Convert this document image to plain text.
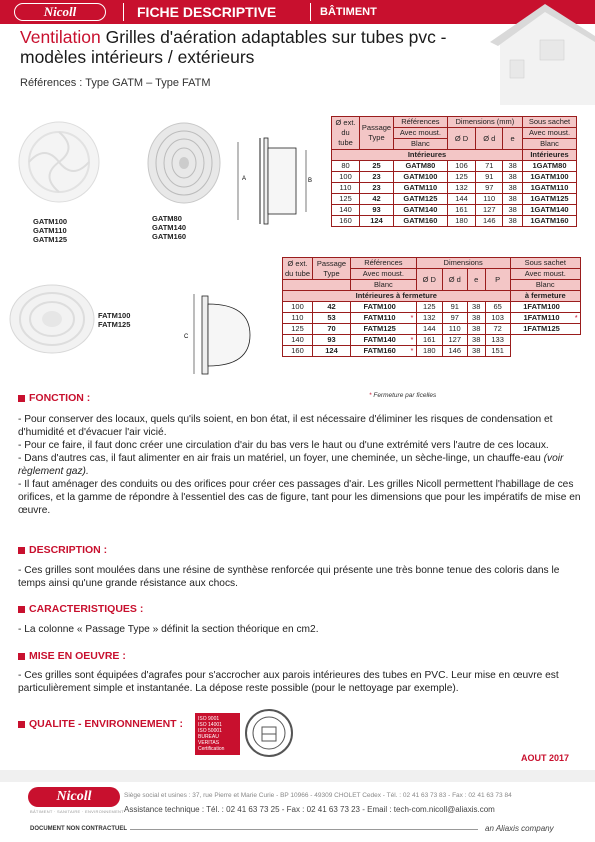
Nicoll	FICHE DESCRIPTIVE	BÂTIMENT
Ventilation Grilles d'aération adaptables sur tubes pvc -
modèles intérieurs / extérieurs
Références : Type GATM – Type FATM
GATM100
GATM110
GATM125
GATM80
GATM140
GATM160
A	B
FATM100
FATM125
C
Ø ext. du tube	Passage Type	Références	Dimensions (mm)			Sous sachet
		Avec moust.	Ø D	Ø d	e	Avec moust.
		Blanc				Blanc
Intérieures						Intérieures
80	25	GATM80	106	71	38	1GATM80
100	23	GATM100	125	91	38	1GATM100
110	23	GATM110	132	97	38	1GATM110
125	42	GATM125	144	110	38	1GATM125
140	93	GATM140	161	127	38	1GATM140
160	124	GATM160	180	146	38	1GATM160
Ø ext. du tube	Passage Type	Références		Dimensions				Sous sachet	
		Avec moust.		Ø D	Ø d	e	P	Avec moust.	
		Blanc						Blanc	
Intérieures à fermeture								à fermeture	
100	42	FATM100		125	91	38	65	1FATM100	
110	53	FATM110	*	132	97	38	103	1FATM110	*
125	70	FATM125		144	110	38	72	1FATM125	
140	93	FATM140	*	161	127	38	133		
160	124	FATM160	*	180	146	38	151		
* Fermeture par ficelles
FONCTION :
- Pour conserver des locaux, quels qu'ils soient, en bon état, il est nécessaire d'éliminer les risques de condensation et d'humidité et d'évacuer l'air vicié.
- Pour ce faire, il faut donc créer une circulation d'air du bas vers le haut ou d'une extrémité vers l'autre de ces locaux.
- Dans d'autres cas, il faut alimenter en air frais un matériel, un foyer, une cheminée, un sèche-linge, un chauffe-eau (voir règlement gaz).
- Il faut aménager des conduits ou des orifices pour créer ces passages d'air. Les grilles Nicoll permettent l'habillage de ces orifices, et la gamme de répondre à l'essentiel des cas de figure, tant pour les dimensions que pour les impératifs de mise en œuvre.
DESCRIPTION :
- Ces grilles sont moulées dans une résine de synthèse renforcée qui présente une très bonne tenue des coloris dans le temps ainsi qu'une grande résistance aux chocs.
CARACTERISTIQUES :
- La colonne « Passage Type » définit la section théorique en cm2.
MISE EN OEUVRE :
- Ces grilles sont équipées d'agrafes pour s'accrocher aux parois intérieures des tubes en PVC. Leur mise en œuvre est particulièrement simple et instantanée. La dépose reste possible (pour le nettoyage par exemple).
QUALITE - ENVIRONNEMENT :	ISO 9001
ISO 14001
ISO 50001
BUREAU VERITAS
Certification
AOUT 2017
Nicoll
BÂTIMENT · SANITAIRE · ENVIRONNEMENT
Siège social et usines : 37, rue Pierre et Marie Curie - BP 10966 - 49309 CHOLET Cedex - Tél. : 02 41 63 73 83 - Fax : 02 41 63 73 84
Assistance technique : Tél. : 02 41 63 73 25 - Fax : 02 41 63 73 23 - Email : tech-com.nicoll@aliaxis.com
DOCUMENT NON CONTRACTUEL	an Aliaxis company
